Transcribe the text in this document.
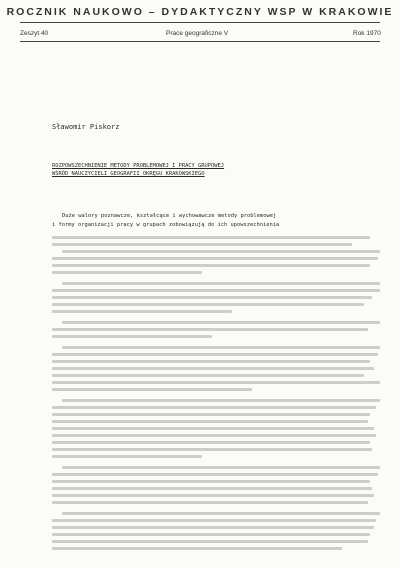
ROCZNIK NAUKOWO – DYDAKTYCZNY WSP W KRAKOWIE
Zeszyt 40	Prace geograficzne V	Rok 1970
Sławomir Piskorz
ROZPOWSZECHNIENIE METODY PROBLEMOWEJ I PRACY GRUPOWEJ
WŚRÓD NAUCZYCIELI GEOGRAFII OKRĘGU KRAKOWSKIEGO
Duże walory poznawcze, kształcące i wychowawcze metody problemowej
i formy organizacji pracy w grupach zobowiązują do ich upowszechnienia
